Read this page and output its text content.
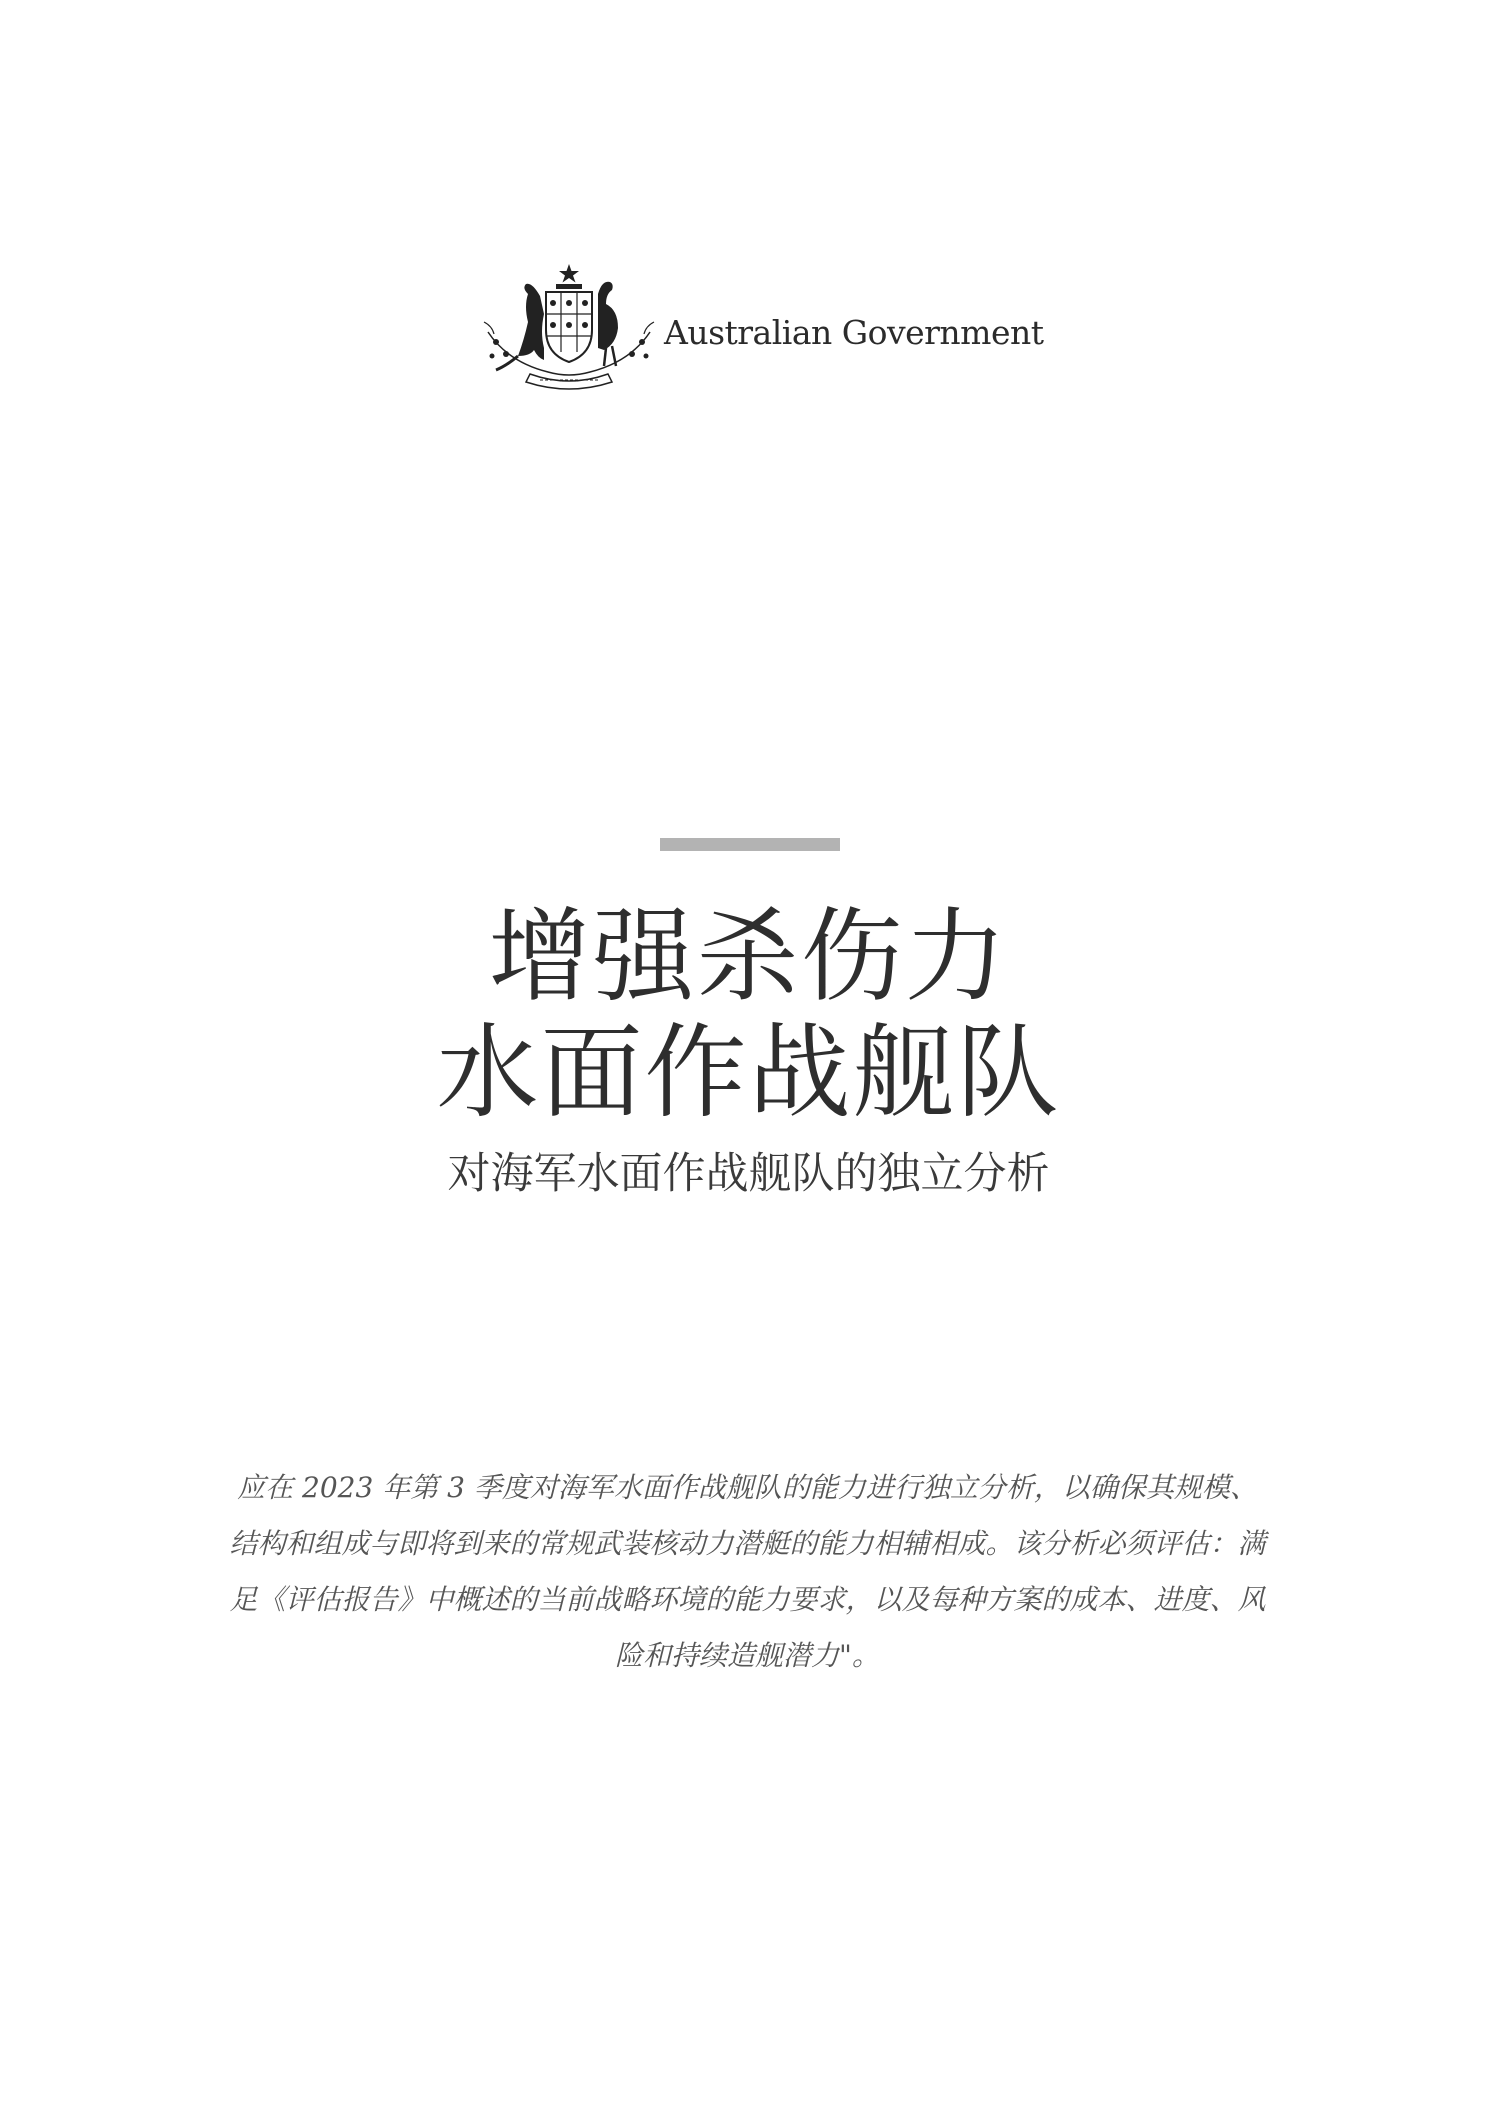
Australian Government
增强杀伤力
水面作战舰队
对海军水面作战舰队的独立分析
应在 2023 年第 3 季度对海军水面作战舰队的能力进行独立分析，以确保其规模、结构和组成与即将到来的常规武装核动力潜艇的能力相辅相成。该分析必须评估：满足《评估报告》中概述的当前战略环境的能力要求，以及每种方案的成本、进度、风险和持续造舰潜力"。
